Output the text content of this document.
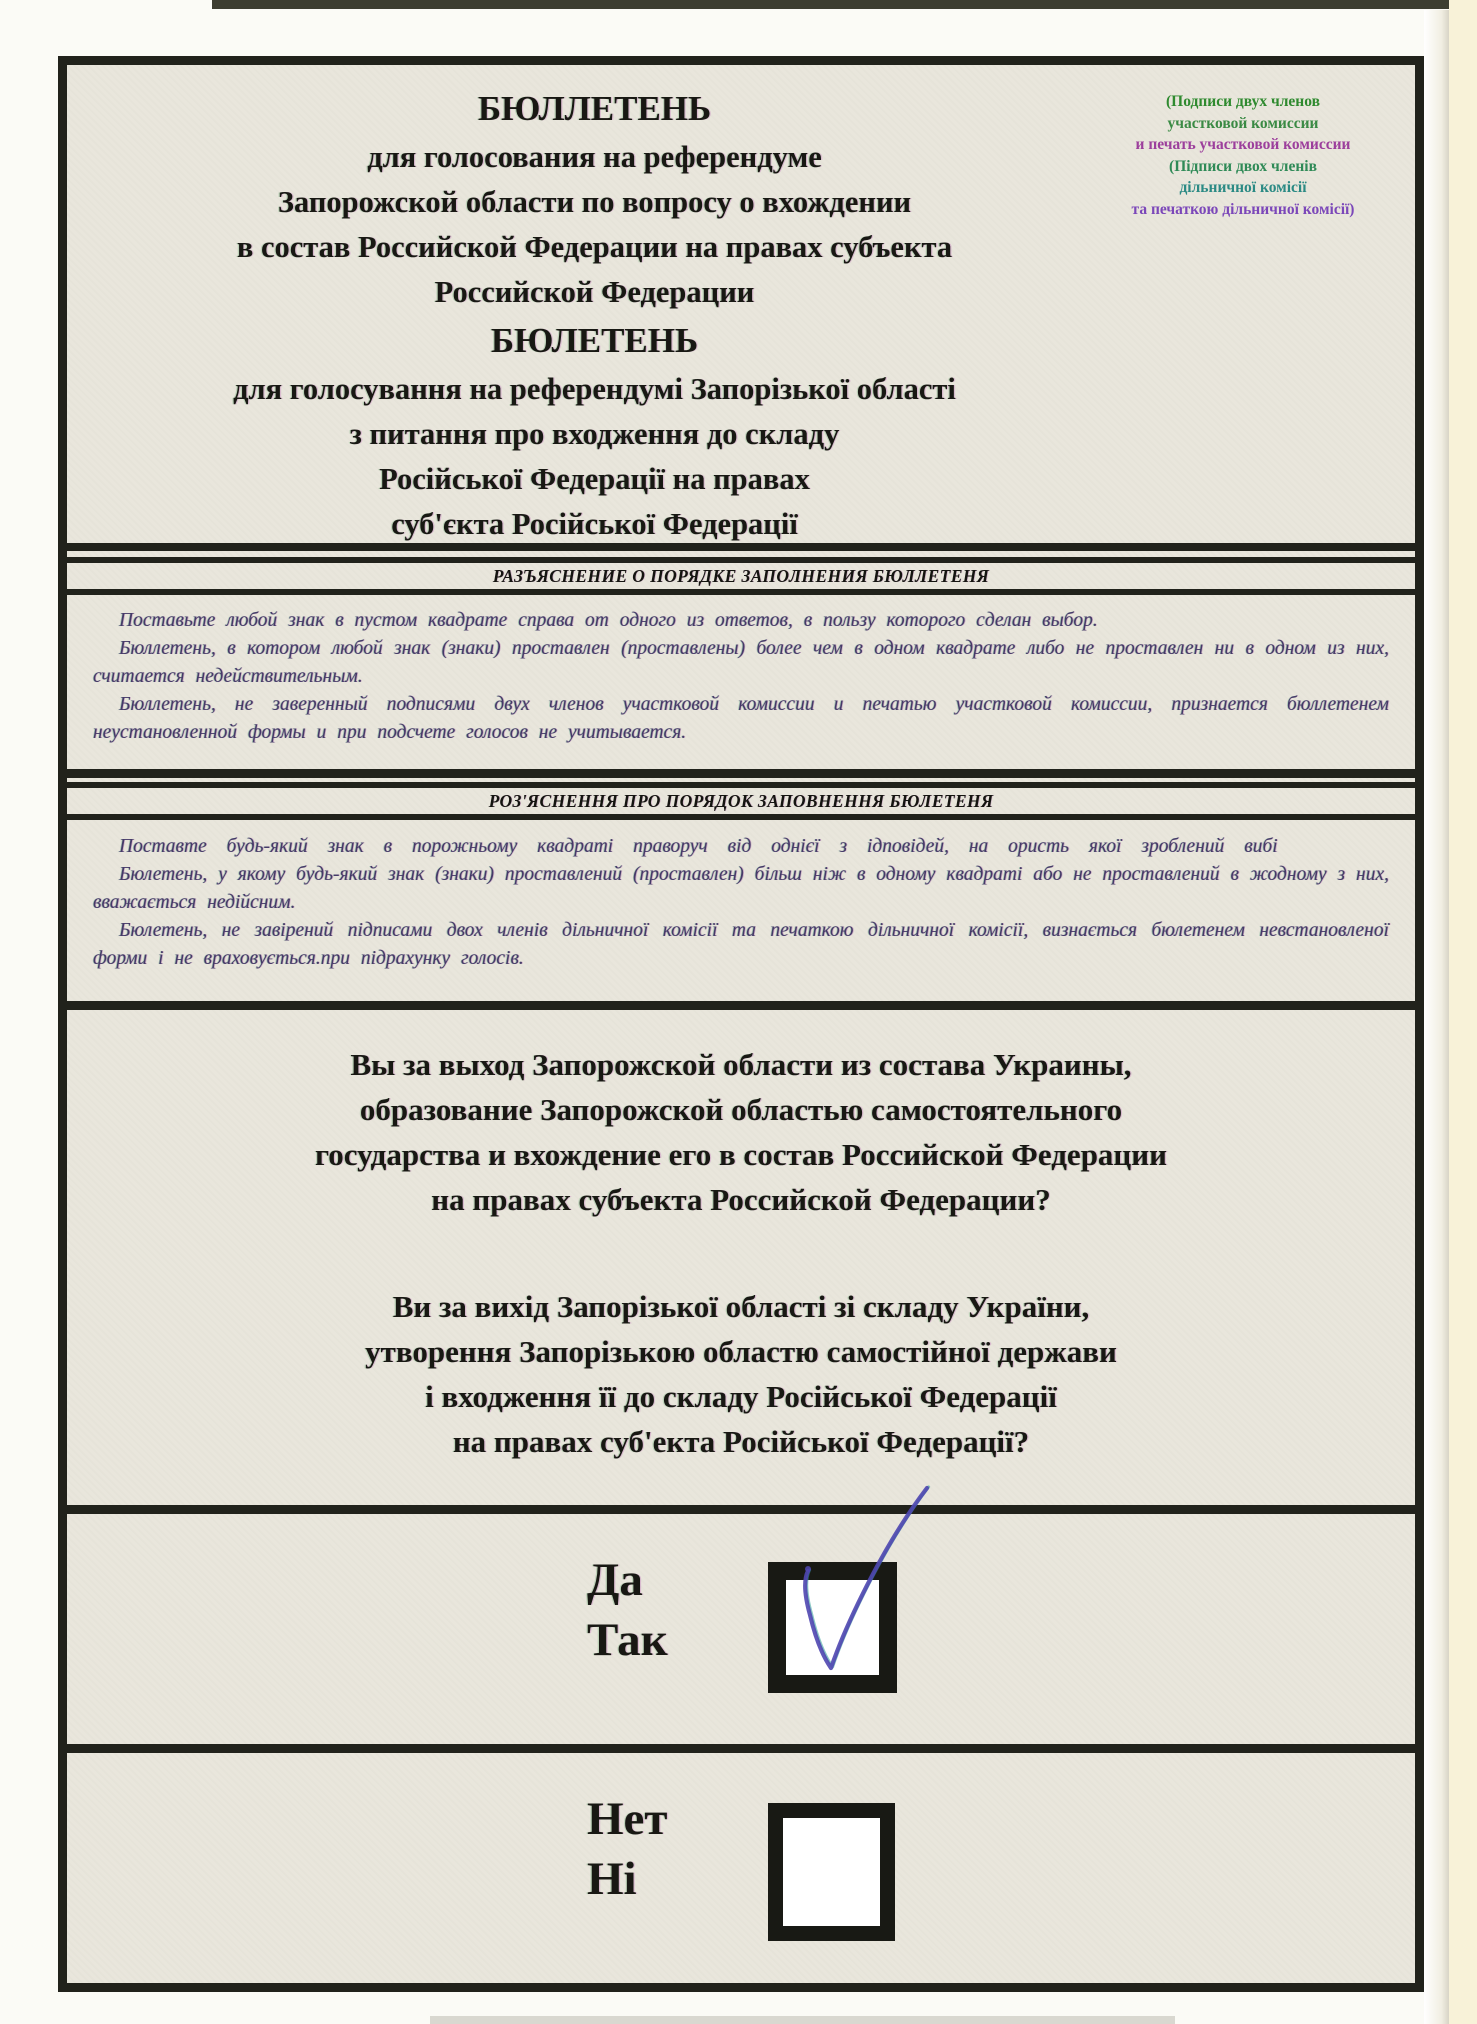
БЮЛЛЕТЕНЬ
для голосования на референдуме
Запорожской области по вопросу о вхождении
в состав Российской Федерации на правах субъекта
Российской Федерации
БЮЛЕТЕНЬ
для голосування на референдумі Запорізької області
з питання про входження до складу
Російської Федерації на правах
суб'єкта Російської Федерації
(Подписи двух членов
участковой комиссии
и печать участковой комиссии
(Підписи двох членів
дільничної комісії
та печаткою дільничної комісії)
РАЗЪЯСНЕНИЕ О ПОРЯДКЕ ЗАПОЛНЕНИЯ БЮЛЛЕТЕНЯ

Поставьте любой знак в пустом квадрате справа от одного из ответов, в пользу которого сделан выбор.

Бюллетень, в котором любой знак (знаки) проставлен (проставлены) более чем в одном квадрате либо не проставлен ни в одном из них, считается недействительным.

Бюллетень, не заверенный подписями двух членов участковой комиссии и печатью участковой комиссии, признается бюллетенем неустановленной формы и при подсчете голосов не учитывается.

РОЗ'ЯСНЕННЯ ПРО ПОРЯДОК ЗАПОВНЕННЯ БЮЛЕТЕНЯ

Поставте будь-який знак в порожньому квадраті праворуч від однієї з ідповідей, на ористь якої зроблений вибі

Бюлетень, у якому будь-який знак (знаки) проставлений (проставлен) більш ніж в одному квадраті або не проставлений в жодному з них, вважається недійсним.

Бюлетень, не завірений підписами двох членів дільничної комісії та печаткою дільничної комісії, визнається бюлетенем невстановленої форми і не враховується.при підрахунку голосів.

Вы за выход Запорожской области из состава Украины,
образование Запорожской областью самостоятельного
государства и вхождение его в состав Российской Федерации
на правах субъекта Российской Федерации?
Ви за вихід Запорізької області зі складу України,
утворення Запорізькою областю самостійної держави
і входження її до складу Російської Федерації
на правах суб'екта Російської Федерації?
Да
Так
Нет
Ні
